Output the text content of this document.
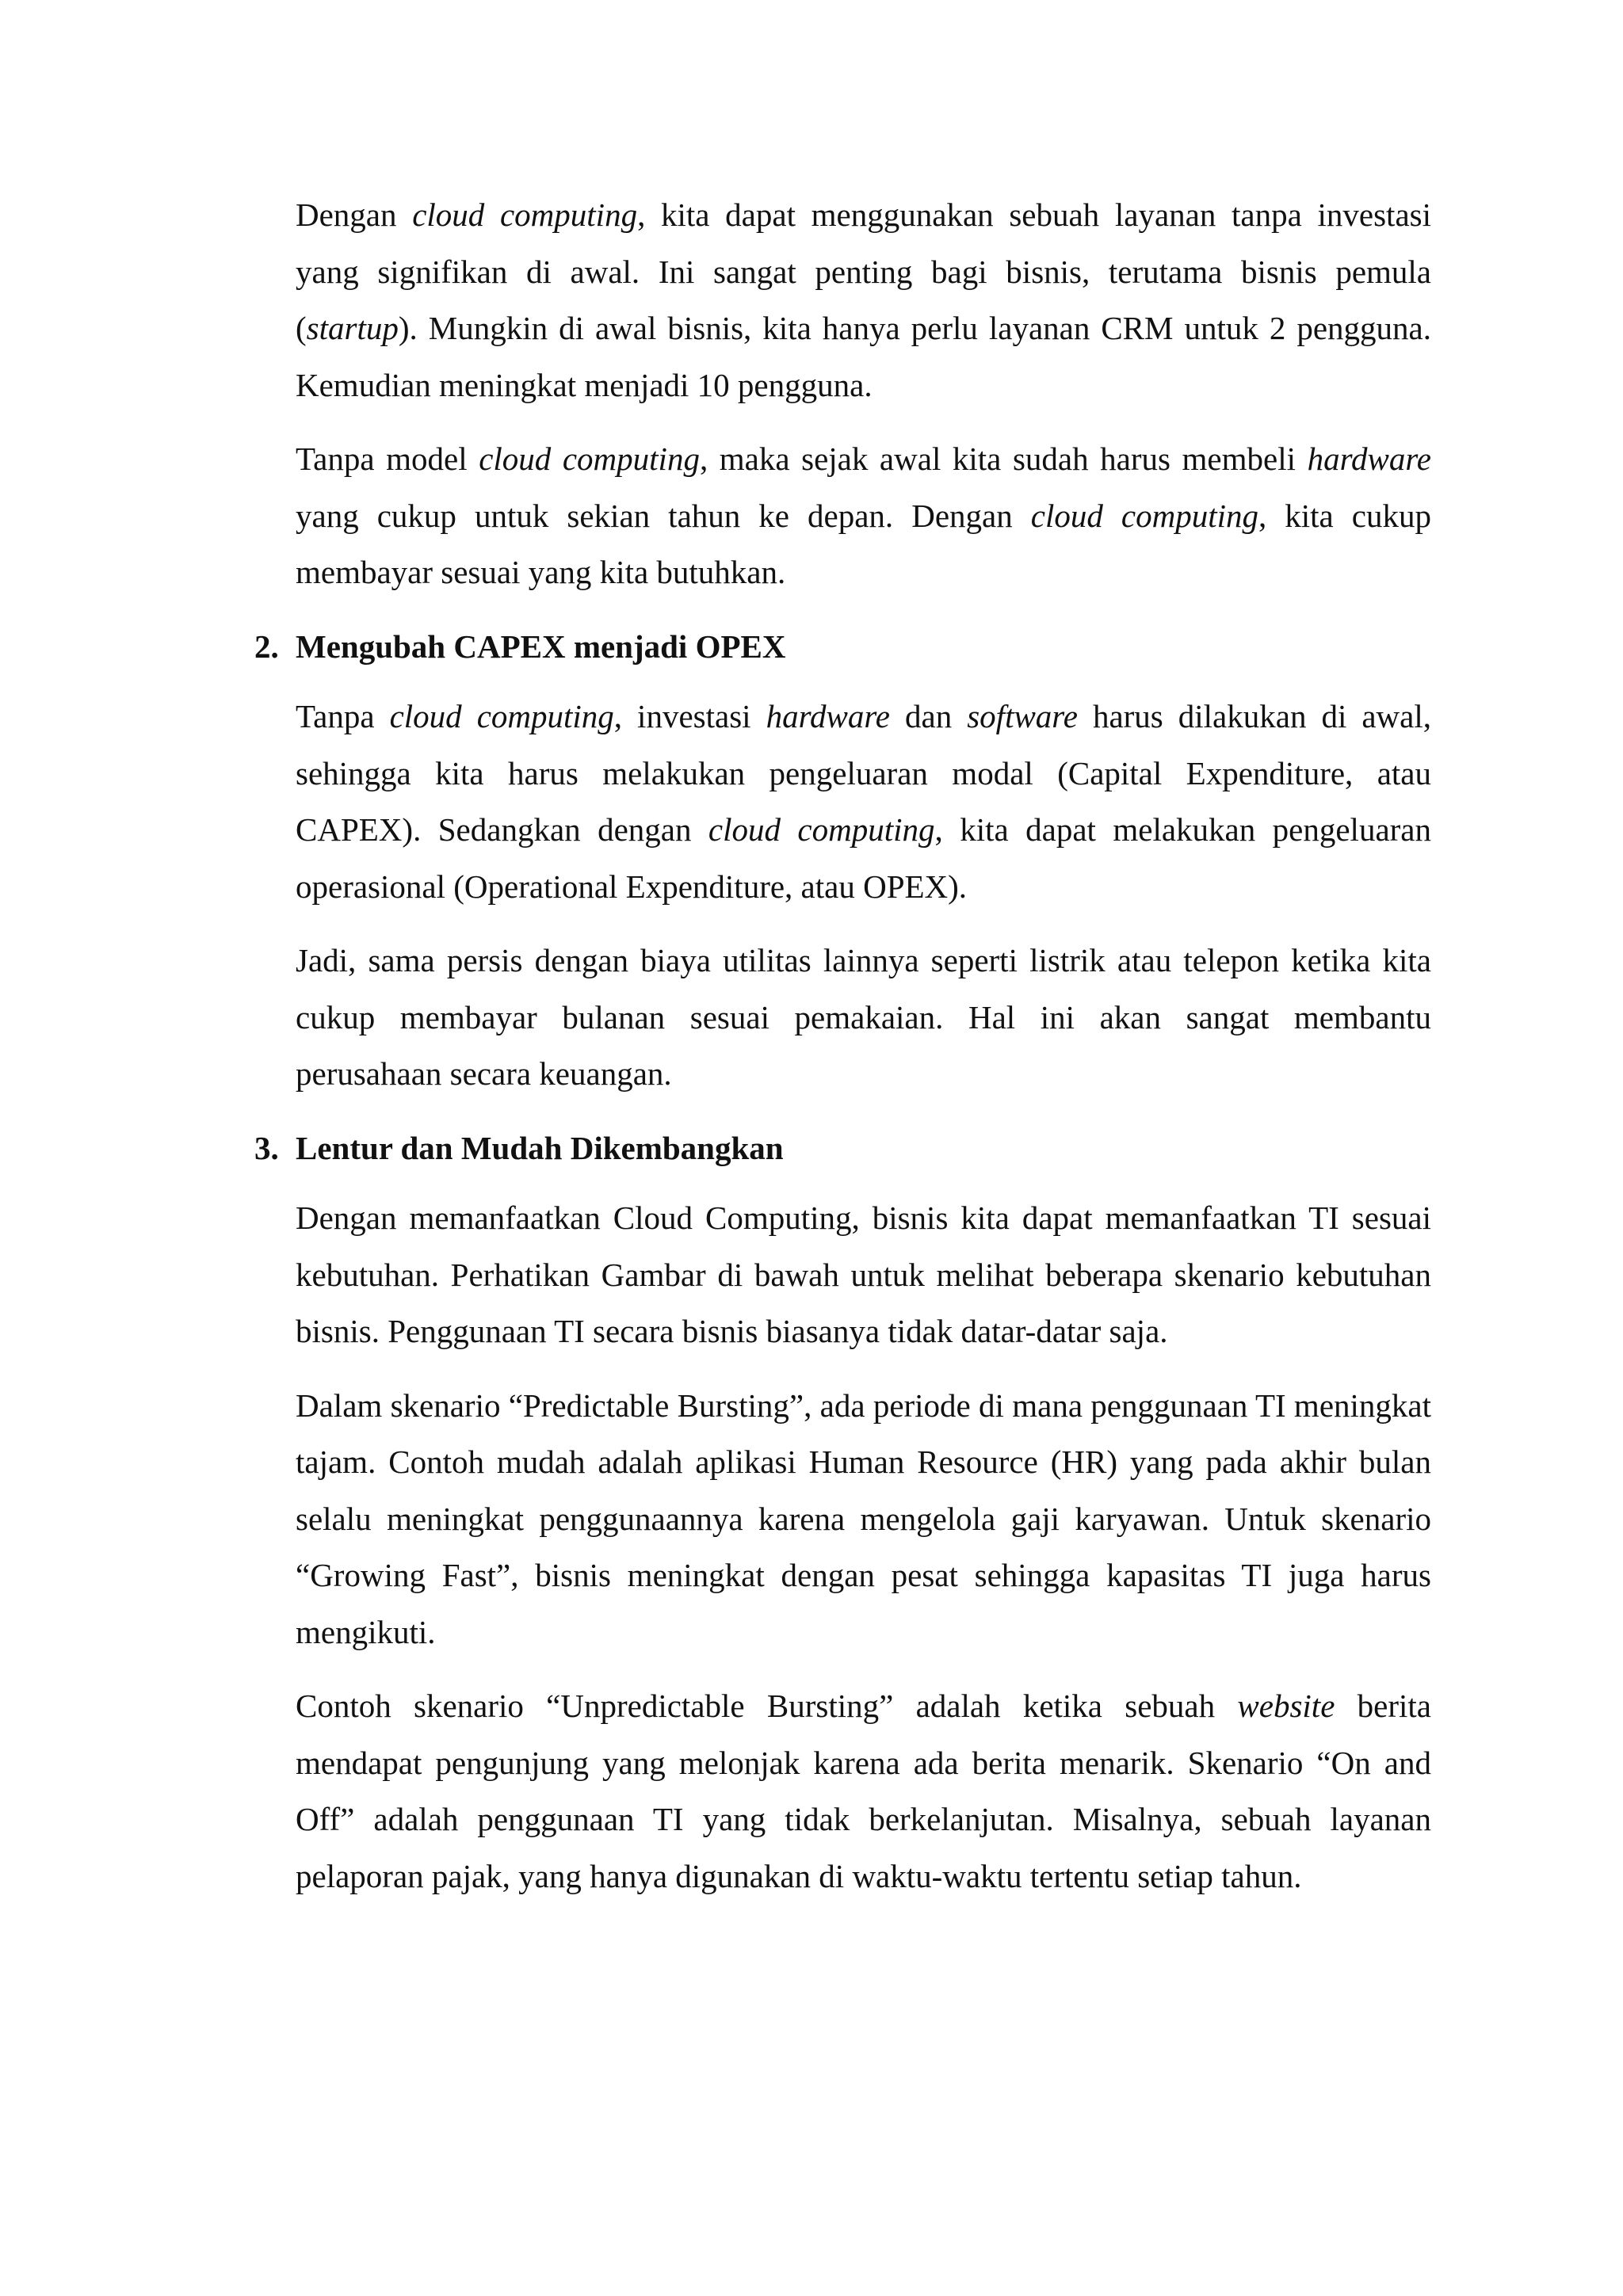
Dengan cloud computing, kita dapat menggunakan sebuah layanan tanpa investasi yang signifikan di awal. Ini sangat penting bagi bisnis, terutama bisnis pemula (startup). Mungkin di awal bisnis, kita hanya perlu layanan CRM untuk 2 pengguna. Kemudian meningkat menjadi 10 pengguna.

Tanpa model cloud computing, maka sejak awal kita sudah harus membeli hardware yang cukup untuk sekian tahun ke depan. Dengan cloud computing, kita cukup membayar sesuai yang kita butuhkan.

2. Mengubah CAPEX menjadi OPEX

Tanpa cloud computing, investasi hardware dan software harus dilakukan di awal, sehingga kita harus melakukan pengeluaran modal (Capital Expenditure, atau CAPEX). Sedangkan dengan cloud computing, kita dapat melakukan pengeluaran operasional (Operational Expenditure, atau OPEX).

Jadi, sama persis dengan biaya utilitas lainnya seperti listrik atau telepon ketika kita cukup membayar bulanan sesuai pemakaian. Hal ini akan sangat membantu perusahaan secara keuangan.

3. Lentur dan Mudah Dikembangkan

Dengan memanfaatkan Cloud Computing, bisnis kita dapat memanfaatkan TI sesuai kebutuhan. Perhatikan Gambar di bawah untuk melihat beberapa skenario kebutuhan bisnis. Penggunaan TI secara bisnis biasanya tidak datar-datar saja.

Dalam skenario “Predictable Bursting”, ada periode di mana penggunaan TI meningkat tajam. Contoh mudah adalah aplikasi Human Resource (HR) yang pada akhir bulan selalu meningkat penggunaannya karena mengelola gaji karyawan. Untuk skenario “Growing Fast”, bisnis meningkat dengan pesat sehingga kapasitas TI juga harus mengikuti.

Contoh skenario “Unpredictable Bursting” adalah ketika sebuah website berita mendapat pengunjung yang melonjak karena ada berita menarik. Skenario “On and Off” adalah penggunaan TI yang tidak berkelanjutan. Misalnya, sebuah layanan pelaporan pajak, yang hanya digunakan di waktu-waktu tertentu setiap tahun.
